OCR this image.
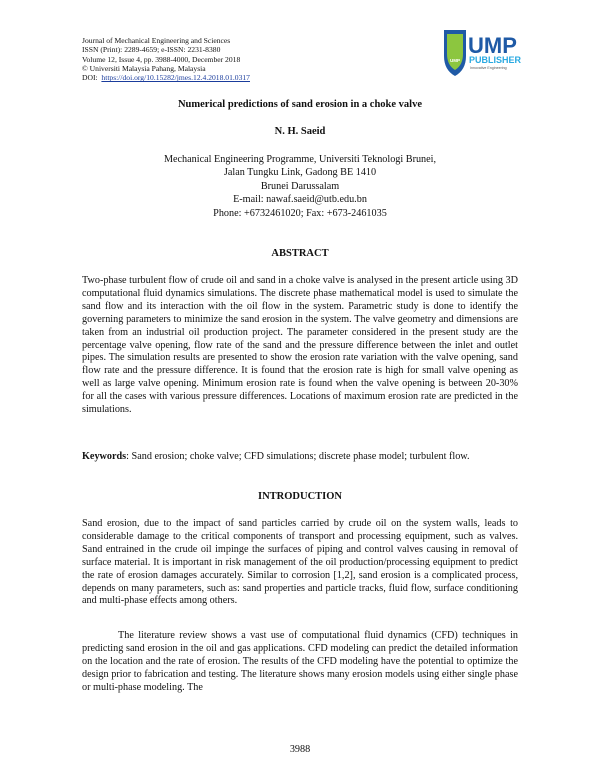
Journal of Mechanical Engineering and Sciences
ISSN (Print): 2289-4659; e-ISSN: 2231-8380
Volume 12, Issue 4, pp. 3988-4000, December 2018
© Universiti Malaysia Pahang, Malaysia
DOI: https://doi.org/10.15282/jmes.12.4.2018.01.0317
UMP
UMP
PUBLISHER
Innovative Engineering
Numerical predictions of sand erosion in a choke valve
N. H. Saeid
Mechanical Engineering Programme, Universiti Teknologi Brunei,
Jalan Tungku Link, Gadong BE 1410
Brunei Darussalam
E-mail: nawaf.saeid@utb.edu.bn
Phone: +6732461020; Fax: +673-2461035
ABSTRACT
Two-phase turbulent flow of crude oil and sand in a choke valve is analysed in the present article using 3D computational fluid dynamics simulations. The discrete phase mathematical model is used to simulate the sand flow and its interaction with the oil flow in the system. Parametric study is done to identify the governing parameters to minimize the sand erosion in the system. The valve geometry and dimensions are taken from an industrial oil production project. The parameter considered in the present study are the percentage valve opening, flow rate of the sand and the pressure difference between the inlet and outlet pipes. The simulation results are presented to show the erosion rate variation with the valve opening, sand flow rate and the pressure difference. It is found that the erosion rate is high for small valve opening as well as large valve opening. Minimum erosion rate is found when the valve opening is between 20-30% for all the cases with various pressure differences. Locations of maximum erosion rate are predicted in the simulations.
Keywords: Sand erosion; choke valve; CFD simulations; discrete phase model; turbulent flow.
INTRODUCTION
Sand erosion, due to the impact of sand particles carried by crude oil on the system walls, leads to considerable damage to the critical components of transport and processing equipment, such as valves. Sand entrained in the crude oil impinge the surfaces of piping and control valves causing in removal of surface material. It is important in risk management of the oil production/processing equipment to predict the rate of erosion damages accurately. Similar to corrosion [1,2], sand erosion is a complicated process, depends on many parameters, such as: sand properties and particle tracks, fluid flow, surface conditioning and multi-phase effects among others.
The literature review shows a vast use of computational fluid dynamics (CFD) techniques in predicting sand erosion in the oil and gas applications. CFD modeling can predict the detailed information on the location and the rate of erosion. The results of the CFD modeling have the potential to optimize the design prior to fabrication and testing. The literature shows many erosion models using either single phase or multi-phase modeling. The
3988
